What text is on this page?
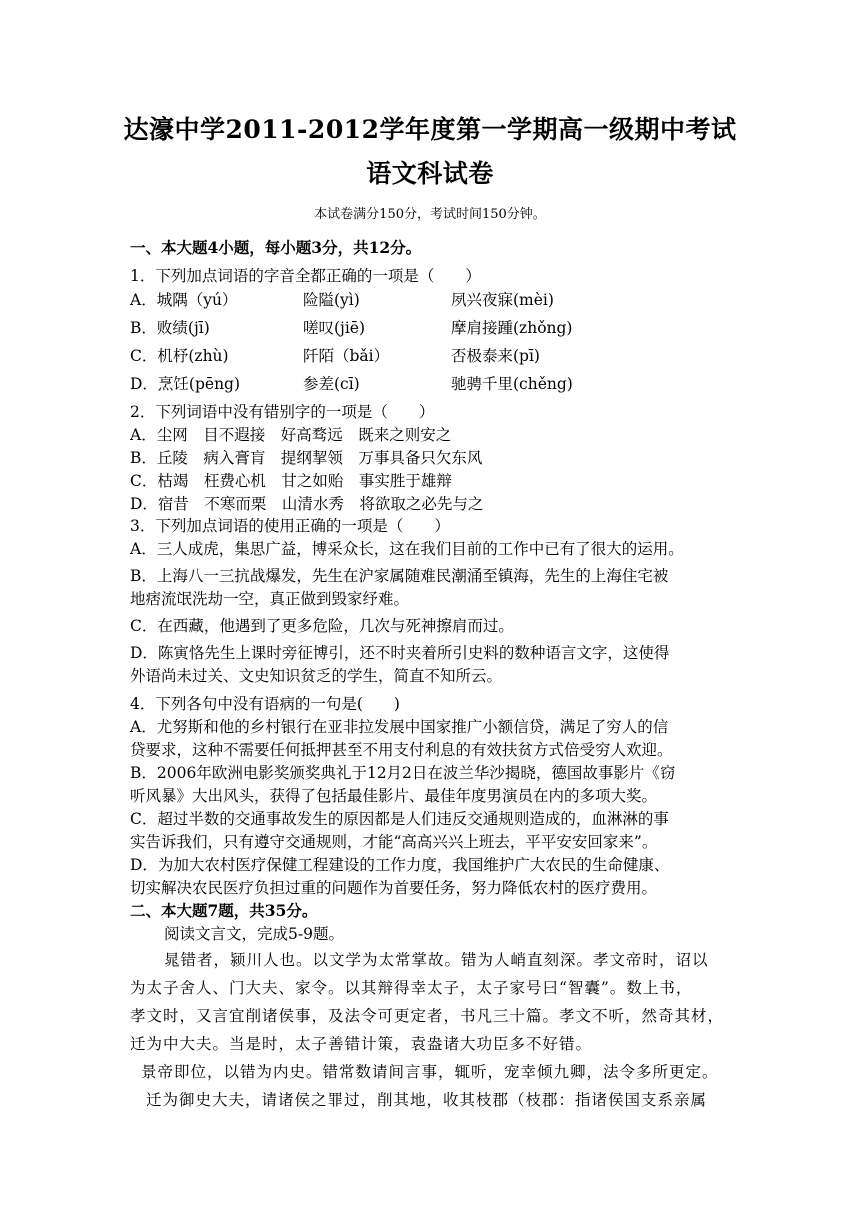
达濠中学2011-2012学年度第一学期高一级期中考试
语文科试卷
本试卷满分150分，考试时间150分钟。
一、本大题4小题，每小题3分，共12分。
1．下列加点词语的字音全都正确的一项是（　　）
A．城隅（yú）	险隘(yì)	夙兴夜寐(mèi)
B．败绩(jī)	嗟叹(jiē)	摩肩接踵(zhǒng)
C．机杼(zhù)	阡陌（bǎi）	否极泰来(pī)
D．烹饪(pēng)	参差(cī)	驰骋千里(chěng)
2．下列词语中没有错别字的一项是（　　）
A．尘网　目不遐接　好高骛远　既来之则安之
B．丘陵　病入膏肓　提纲挈领　万事具备只欠东风
C．枯竭　枉费心机　甘之如贻　事实胜于雄辩
D．宿昔　不寒而栗　山清水秀　将欲取之必先与之
3．下列加点词语的使用正确的一项是（　　）
A．三人成虎，集思广益，博采众长，这在我们目前的工作中已有了很大的运用。
B．上海八一三抗战爆发，先生在沪家属随难民潮涌至镇海，先生的上海住宅被
地痞流氓洗劫一空，真正做到毁家纾难。
C．在西藏，他遇到了更多危险，几次与死神擦肩而过。
D．陈寅恪先生上课时旁征博引，还不时夹着所引史料的数种语言文字，这使得
外语尚未过关、文史知识贫乏的学生，简直不知所云。
4．下列各句中没有语病的一句是(　　)
A．尤努斯和他的乡村银行在亚非拉发展中国家推广小额信贷，满足了穷人的信
贷要求，这种不需要任何抵押甚至不用支付利息的有效扶贫方式倍受穷人欢迎。
B．2006年欧洲电影奖颁奖典礼于12月2日在波兰华沙揭晓，德国故事影片《窃
听风暴》大出风头，获得了包括最佳影片、最佳年度男演员在内的多项大奖。
C．超过半数的交通事故发生的原因都是人们违反交通规则造成的，血淋淋的事
实告诉我们，只有遵守交通规则，才能“高高兴兴上班去，平平安安回家来”。
D．为加大农村医疗保健工程建设的工作力度，我国维护广大农民的生命健康、
切实解决农民医疗负担过重的问题作为首要任务，努力降低农村的医疗费用。
二、本大题7题，共35分。
阅读文言文，完成5-9题。
晁错者，颍川人也。以文学为太常掌故。错为人峭直刻深。孝文帝时，诏以
为太子舍人、门大夫、家令。以其辩得幸太子，太子家号曰“智囊”。数上书，
孝文时，又言宜削诸侯事，及法令可更定者，书凡三十篇。孝文不听，然奇其材，
迁为中大夫。当是时，太子善错计策，袁盎诸大功臣多不好错。
景帝即位，以错为内史。错常数请间言事，辄听，宠幸倾九卿，法令多所更定。
迁为御史大夫，请诸侯之罪过，削其地，收其枝郡（枝郡：指诸侯国支系亲属
